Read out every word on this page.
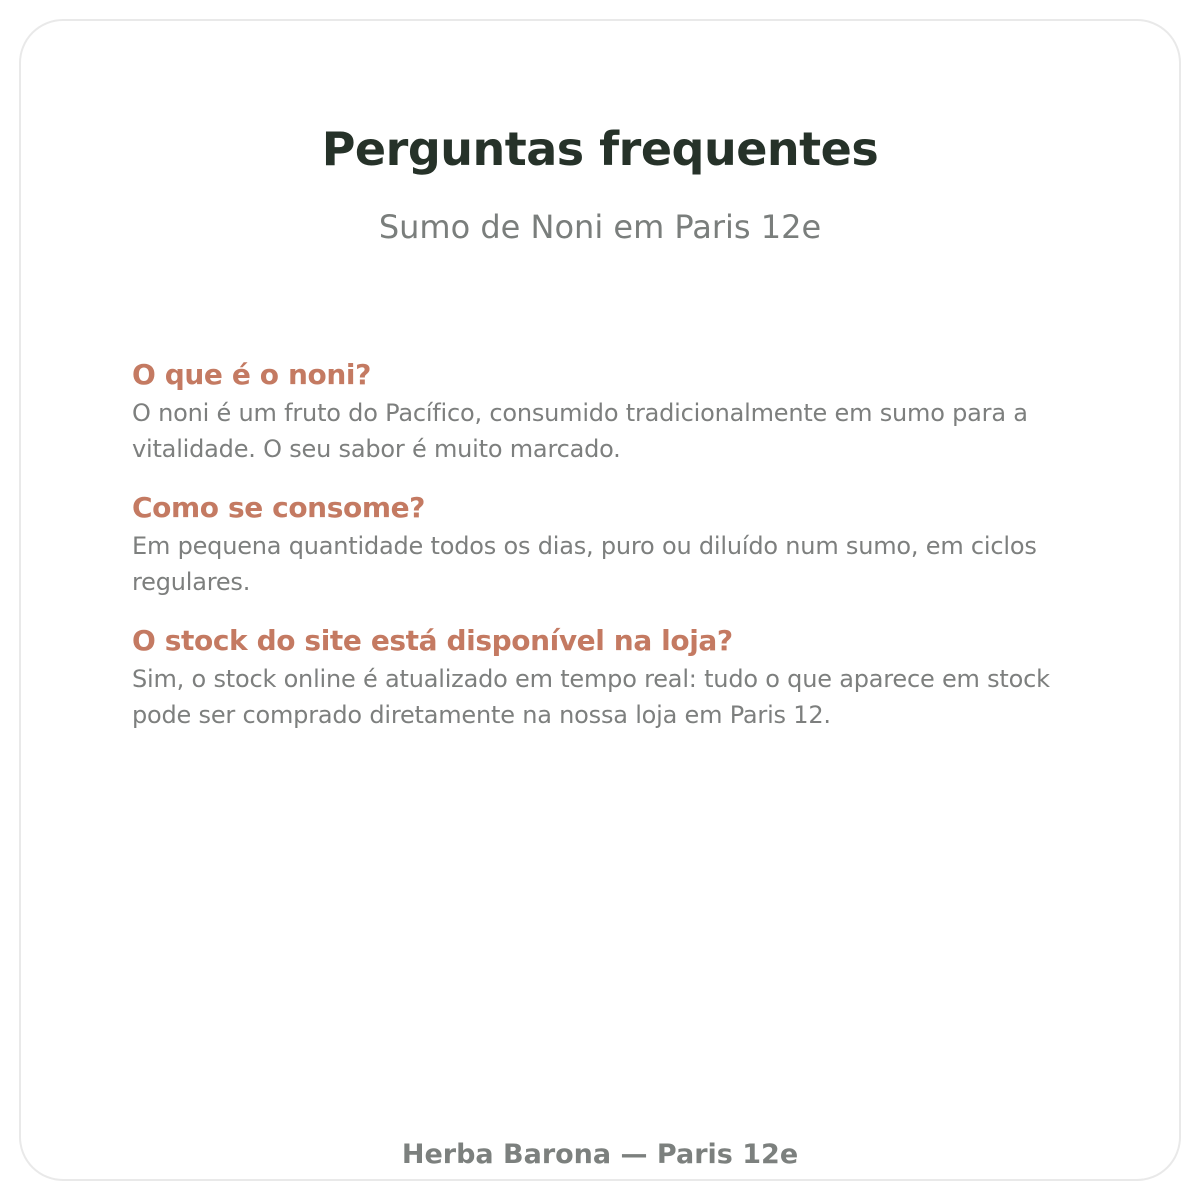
Perguntas frequentes

Sumo de Noni em Paris 12e

O que é o noni?

O noni é um fruto do Pacífico, consumido tradicionalmente em sumo para a vitalidade. O seu sabor é muito marcado.

Como se consome?

Em pequena quantidade todos os dias, puro ou diluído num sumo, em ciclos regulares.

O stock do site está disponível na loja?

Sim, o stock online é atualizado em tempo real: tudo o que aparece em stock pode ser comprado diretamente na nossa loja em Paris 12.

Herba Barona — Paris 12e
